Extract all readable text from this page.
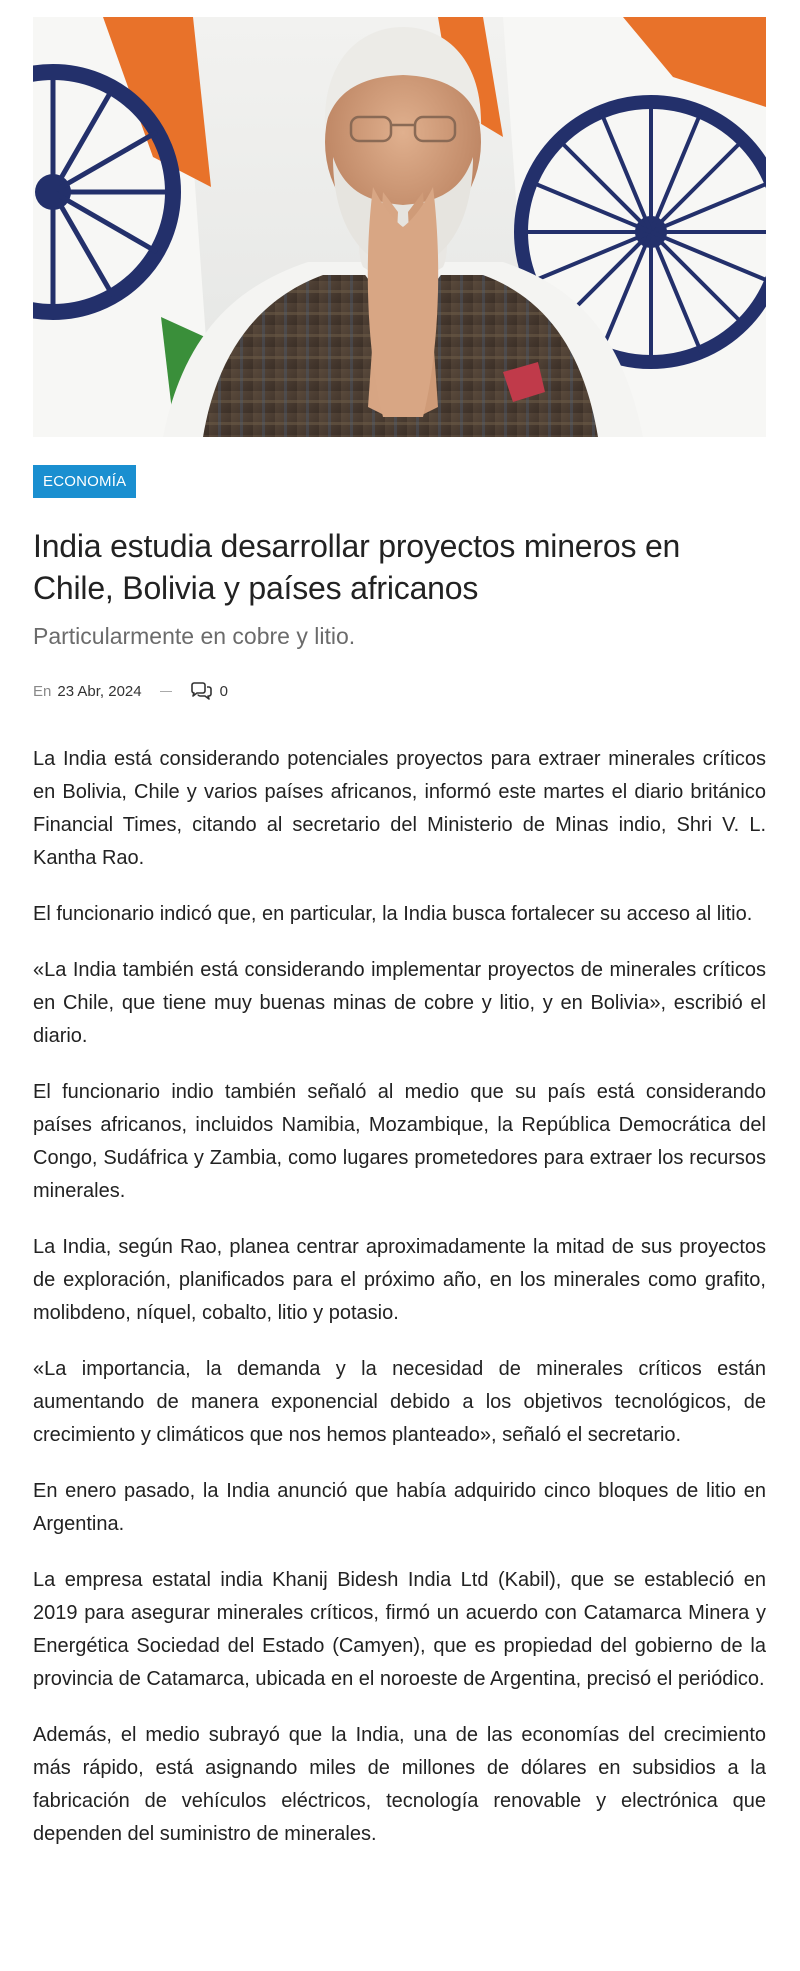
ECONOMÍA
India estudia desarrollar proyectos mineros en Chile, Bolivia y países africanos
Particularmente en cobre y litio.
En 23 Abr, 2024	0

La India está considerando potenciales proyectos para extraer minerales críticos en Bolivia, Chile y varios países africanos, informó este martes el diario británico Financial Times, citando al secretario del Ministerio de Minas indio, Shri V. L. Kantha Rao.

El funcionario indicó que, en particular, la India busca fortalecer su acceso al litio.

«La India también está considerando implementar proyectos de minerales críticos en Chile, que tiene muy buenas minas de cobre y litio, y en Bolivia», escribió el diario.

El funcionario indio también señaló al medio que su país está considerando países africanos, incluidos Namibia, Mozambique, la República Democrática del Congo, Sudáfrica y Zambia, como lugares prometedores para extraer los recursos minerales.

La India, según Rao, planea centrar aproximadamente la mitad de sus proyectos de exploración, planificados para el próximo año, en los minerales como grafito, molibdeno, níquel, cobalto, litio y potasio.

«La importancia, la demanda y la necesidad de minerales críticos están aumentando de manera exponencial debido a los objetivos tecnológicos, de crecimiento y climáticos que nos hemos planteado», señaló el secretario.

En enero pasado, la India anunció que había adquirido cinco bloques de litio en Argentina.

La empresa estatal india Khanij Bidesh India Ltd (Kabil), que se estableció en 2019 para asegurar minerales críticos, firmó un acuerdo con Catamarca Minera y Energética Sociedad del Estado (Camyen), que es propiedad del gobierno de la provincia de Catamarca, ubicada en el noroeste de Argentina, precisó el periódico.

Además, el medio subrayó que la India, una de las economías del crecimiento más rápido, está asignando miles de millones de dólares en subsidios a la fabricación de vehículos eléctricos, tecnología renovable y electrónica que dependen del suministro de minerales.
